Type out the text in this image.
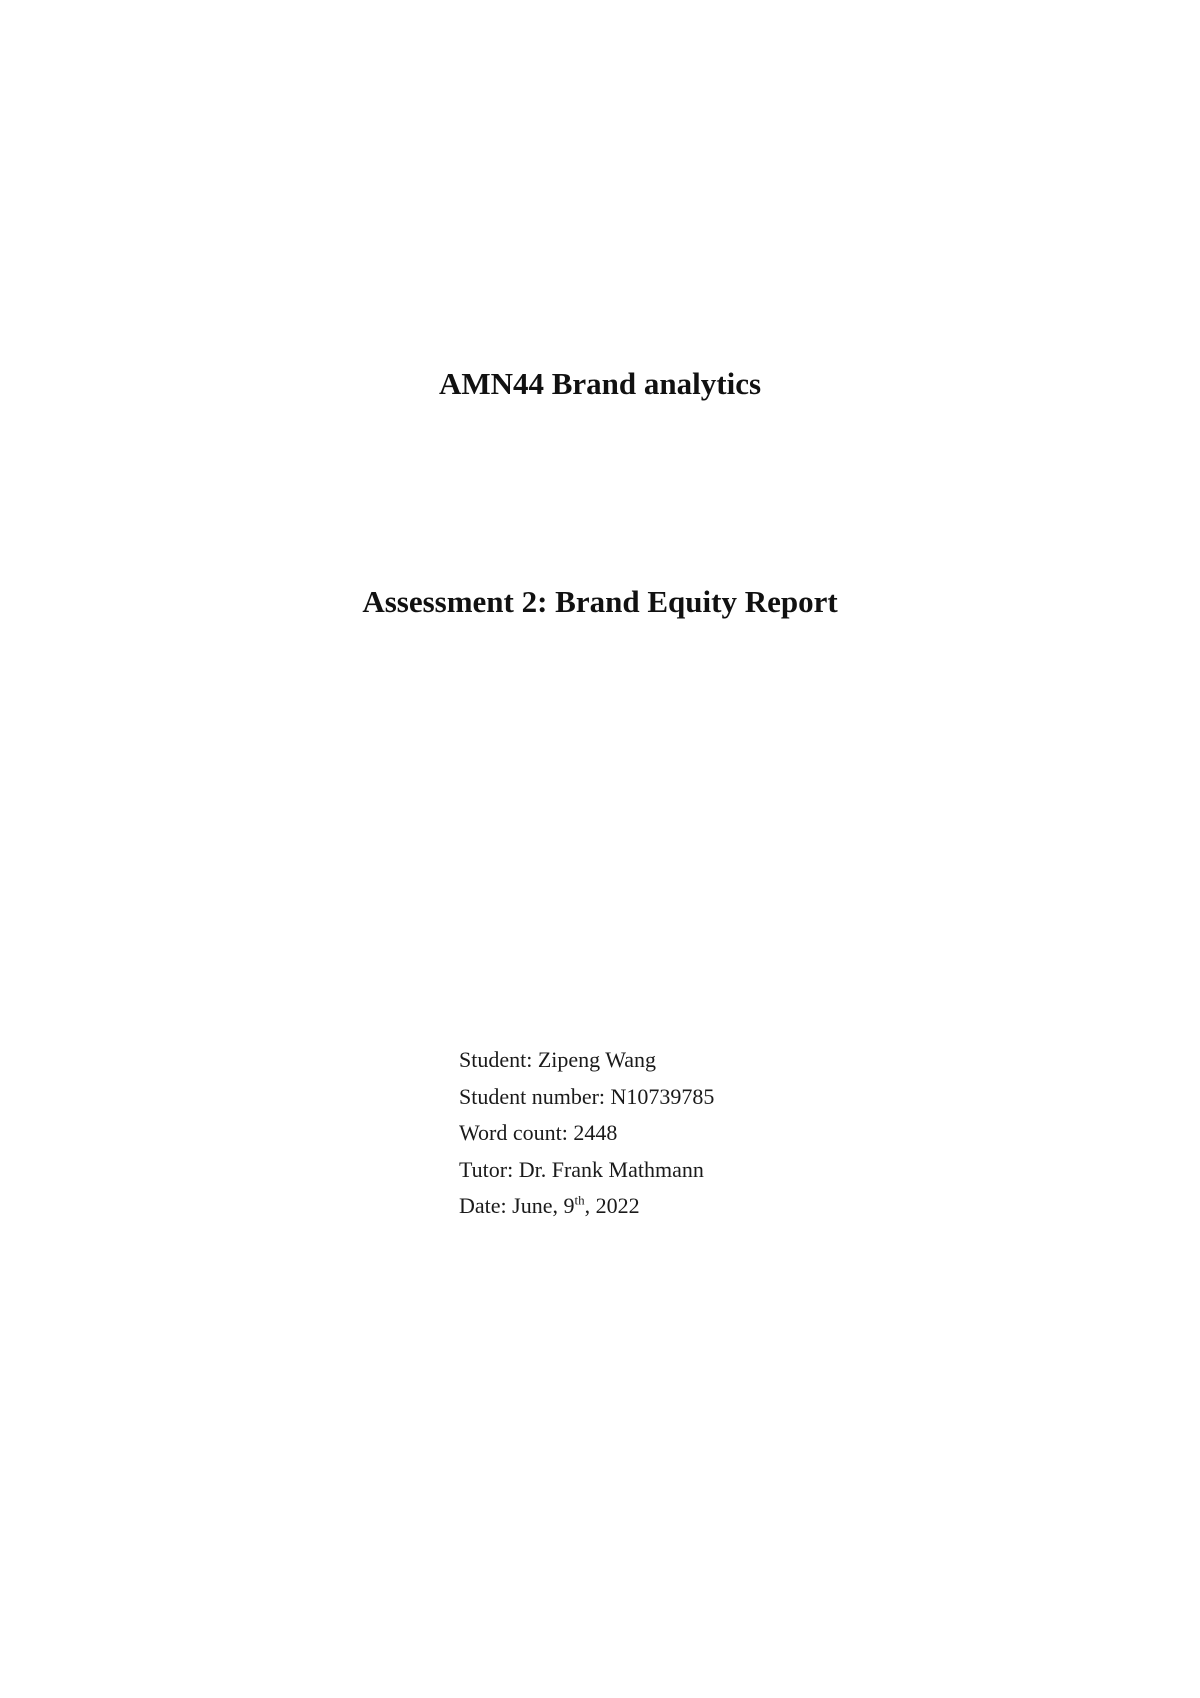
AMN44 Brand analytics
Assessment 2: Brand Equity Report
Student: Zipeng Wang
Student number: N10739785
Word count: 2448
Tutor: Dr. Frank Mathmann
Date: June, 9th, 2022
